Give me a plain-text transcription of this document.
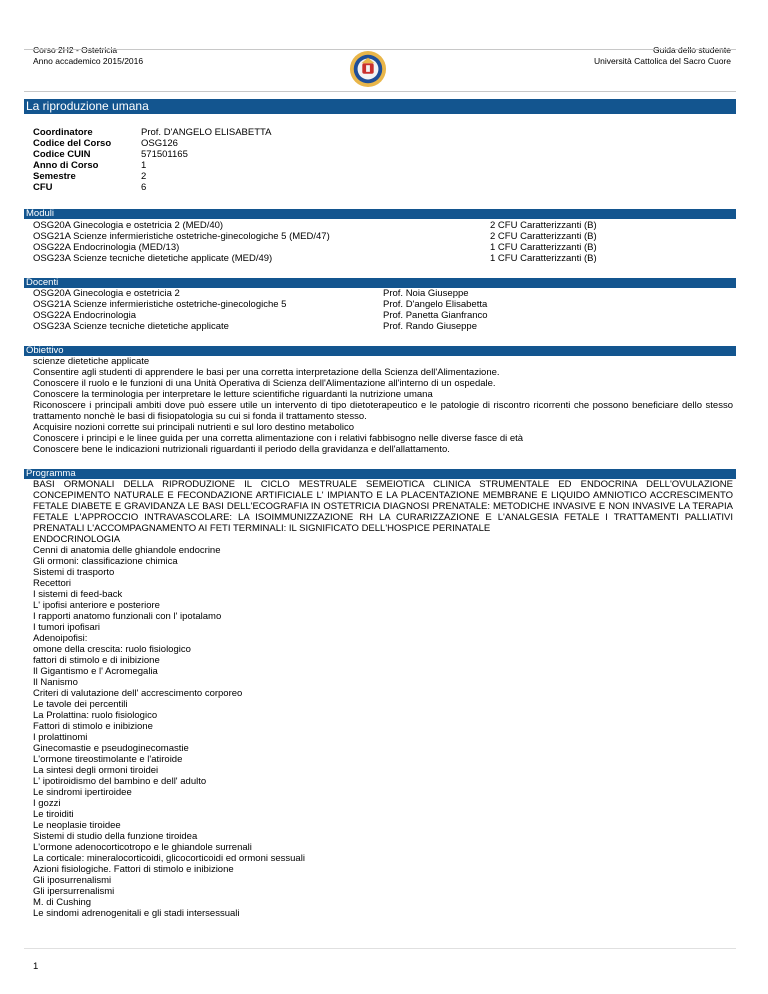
Corso 2H2 - Ostetricia
Anno accademico 2015/2016
Guida dello studente
Università Cattolica del Sacro Cuore
La riproduzione umana
Coordinatore	Prof. D'ANGELO ELISABETTA
Codice del Corso	OSG126
Codice CUIN	571501165
Anno di Corso	1
Semestre	2
CFU	6
Moduli
OSG20A Ginecologia e ostetricia 2 (MED/40)	2 CFU Caratterizzanti (B)
OSG21A Scienze infermieristiche ostetriche-ginecologiche 5 (MED/47)	2 CFU Caratterizzanti (B)
OSG22A Endocrinologia (MED/13)	1 CFU Caratterizzanti (B)
OSG23A Scienze tecniche dietetiche applicate (MED/49)	1 CFU Caratterizzanti (B)
Docenti
OSG20A Ginecologia e ostetricia 2	Prof. Noia Giuseppe
OSG21A Scienze infermieristiche ostetriche-ginecologiche 5	Prof. D'angelo Elisabetta
OSG22A Endocrinologia	Prof. Panetta Gianfranco
OSG23A Scienze tecniche dietetiche applicate	Prof. Rando Giuseppe
Obiettivo
scienze dietetiche applicate
Consentire agli studenti di apprendere le basi per una corretta interpretazione della Scienza dell'Alimentazione.
Conoscere il ruolo e le funzioni di una Unità Operativa di Scienza dell'Alimentazione all'interno di un ospedale.
Conoscere la terminologia per interpretare le letture scientifiche riguardanti la nutrizione umana
Riconoscere i principali ambiti dove può essere utile un intervento di tipo dietoterapeutico e le patologie di riscontro ricorrenti che possono beneficiare dello stesso trattamento nonchè le basi di fisiopatologia su cui si fonda il trattamento stesso.
Acquisire nozioni corrette sui principali nutrienti e sul loro destino metabolico
Conoscere i principi e le linee guida per una corretta alimentazione con i relativi fabbisogno nelle diverse fasce di età
Conoscere bene le indicazioni nutrizionali riguardanti il periodo della gravidanza e dell'allattamento.
Programma
BASI ORMONALI DELLA RIPRODUZIONE IL CICLO MESTRUALE SEMEIOTICA CLINICA STRUMENTALE ED ENDOCRINA DELL'OVULAZIONE CONCEPIMENTO NATURALE E FECONDAZIONE ARTIFICIALE L' IMPIANTO E LA PLACENTAZIONE MEMBRANE E LIQUIDO AMNIOTICO ACCRESCIMENTO FETALE DIABETE E GRAVIDANZA LE BASI DELL'ECOGRAFIA IN OSTETRICIA DIAGNOSI PRENATALE: METODICHE INVASIVE E NON INVASIVE LA TERAPIA FETALE L'APPROCCIO INTRAVASCOLARE: LA ISOIMMUNIZZAZIONE RH LA CURARIZZAZIONE E L'ANALGESIA FETALE I TRATTAMENTI PALLIATIVI PRENATALI L'ACCOMPAGNAMENTO AI FETI TERMINALI: IL SIGNIFICATO DELL'HOSPICE PERINATALE
ENDOCRINOLOGIA
Cenni di anatomia delle ghiandole endocrine
Gli ormoni: classificazione chimica
Sistemi di trasporto
Recettori
I sistemi di feed-back
L' ipofisi anteriore e posteriore
I rapporti anatomo funzionali con l' ipotalamo
I tumori ipofisari
Adenoipofisi:
omone della crescita: ruolo fisiologico
fattori di stimolo e di inibizione
Il Gigantismo e l' Acromegalia
Il Nanismo
Criteri di valutazione dell' accrescimento corporeo
Le tavole dei percentili
La Prolattina: ruolo fisiologico
Fattori di stimolo e inibizione
I prolattinomi
Ginecomastie e pseudoginecomastie
L'ormone tireostimolante e l'atiroide
La sintesi degli ormoni tiroidei
L' ipotiroidismo del bambino e dell' adulto
Le sindromi ipertiroidee
I gozzi
Le tiroiditi
Le neoplasie tiroidee
Sistemi di studio della funzione tiroidea
L'ormone adenocorticotropo e le ghiandole surrenali
La corticale: mineralocorticoidi, glicocorticoidi ed ormoni sessuali
Azioni fisiologiche. Fattori di stimolo e inibizione
Gli iposurrenalismi
Gli ipersurrenalismi
M. di Cushing
Le sindomi adrenogenitali e gli stadi intersessuali
1
